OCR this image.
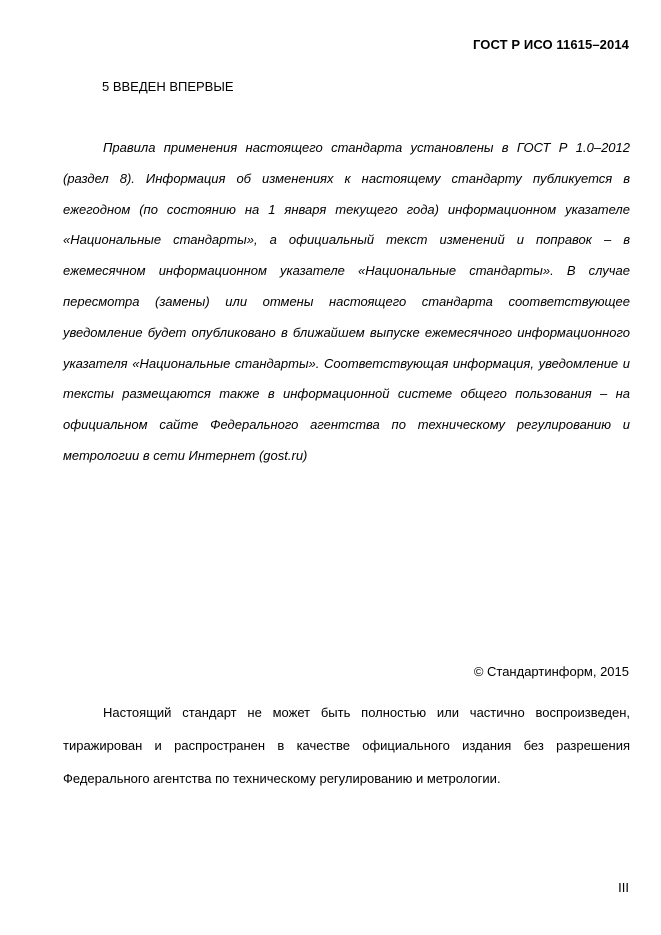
ГОСТ Р ИСО 11615–2014
5 ВВЕДЕН ВПЕРВЫЕ

Правила применения настоящего стандарта установлены в ГОСТ Р 1.0–2012 (раздел 8). Информация об изменениях к настоящему стандарту публикуется в ежегодном (по состоянию на 1 января текущего года) информационном указателе «Национальные стандарты», а официальный текст изменений и поправок – в ежемесячном информационном указателе «Национальные стандарты». В случае пересмотра (замены) или отмены настоящего стандарта соответствующее уведомление будет опубликовано в ближайшем выпуске ежемесячного информационного указателя «Национальные стандарты». Соответствующая информация, уведомление и тексты размещаются также в информационной системе общего пользования – на официальном сайте Федерального агентства по техническому регулированию и метрологии в сети Интернет (gost.ru)

© Стандартинформ, 2015

Настоящий стандарт не может быть полностью или частично воспроизведен, тиражирован и распространен в качестве официального издания без разрешения Федерального агентства по техническому регулированию и метрологии.

III
